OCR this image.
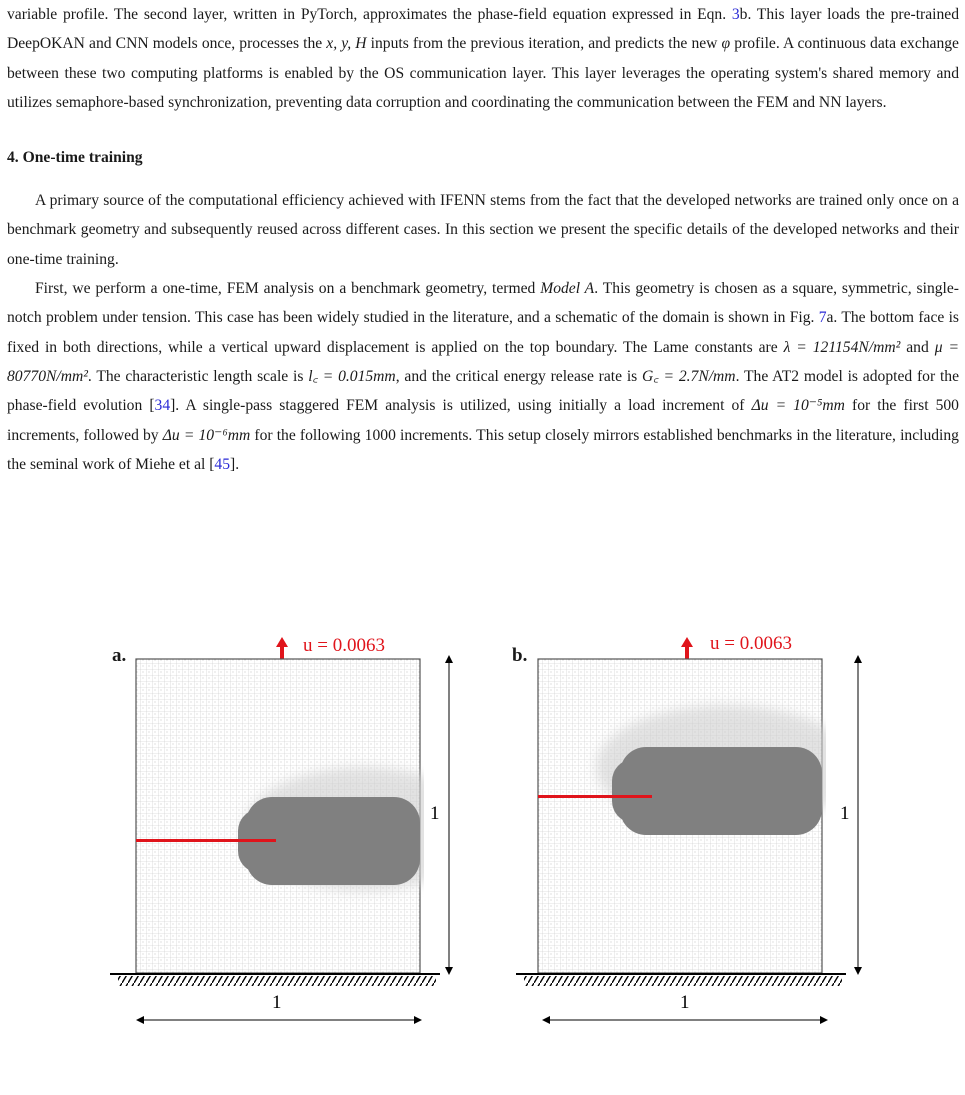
variable profile. The second layer, written in PyTorch, approximates the phase-field equation expressed in Eqn. 3b. This layer loads the pre-trained DeepOKAN and CNN models once, processes the x, y, H inputs from the previous iteration, and predicts the new φ profile. A continuous data exchange between these two computing platforms is enabled by the OS communication layer. This layer leverages the operating system's shared memory and utilizes semaphore-based synchronization, preventing data corruption and coordinating the communication between the FEM and NN layers.

4. One-time training

A primary source of the computational efficiency achieved with IFENN stems from the fact that the developed networks are trained only once on a benchmark geometry and subsequently reused across different cases. In this section we present the specific details of the developed networks and their one-time training.

First, we perform a one-time, FEM analysis on a benchmark geometry, termed Model A. This geometry is chosen as a square, symmetric, single-notch problem under tension. This case has been widely studied in the literature, and a schematic of the domain is shown in Fig. 7a. The bottom face is fixed in both directions, while a vertical upward displacement is applied on the top boundary. The Lame constants are λ = 121154N/mm² and μ = 80770N/mm². The characteristic length scale is l꜀ = 0.015mm, and the critical energy release rate is G꜀ = 2.7N/mm. The AT2 model is adopted for the phase-field evolution [34]. A single-pass staggered FEM analysis is utilized, using initially a load increment of Δu = 10⁻⁵mm for the first 500 increments, followed by Δu = 10⁻⁶mm for the following 1000 increments. This setup closely mirrors established benchmarks in the literature, including the seminal work of Miehe et al [45].

a.	u = 0.0063
1
1
b.
u = 0.0063
1
1
